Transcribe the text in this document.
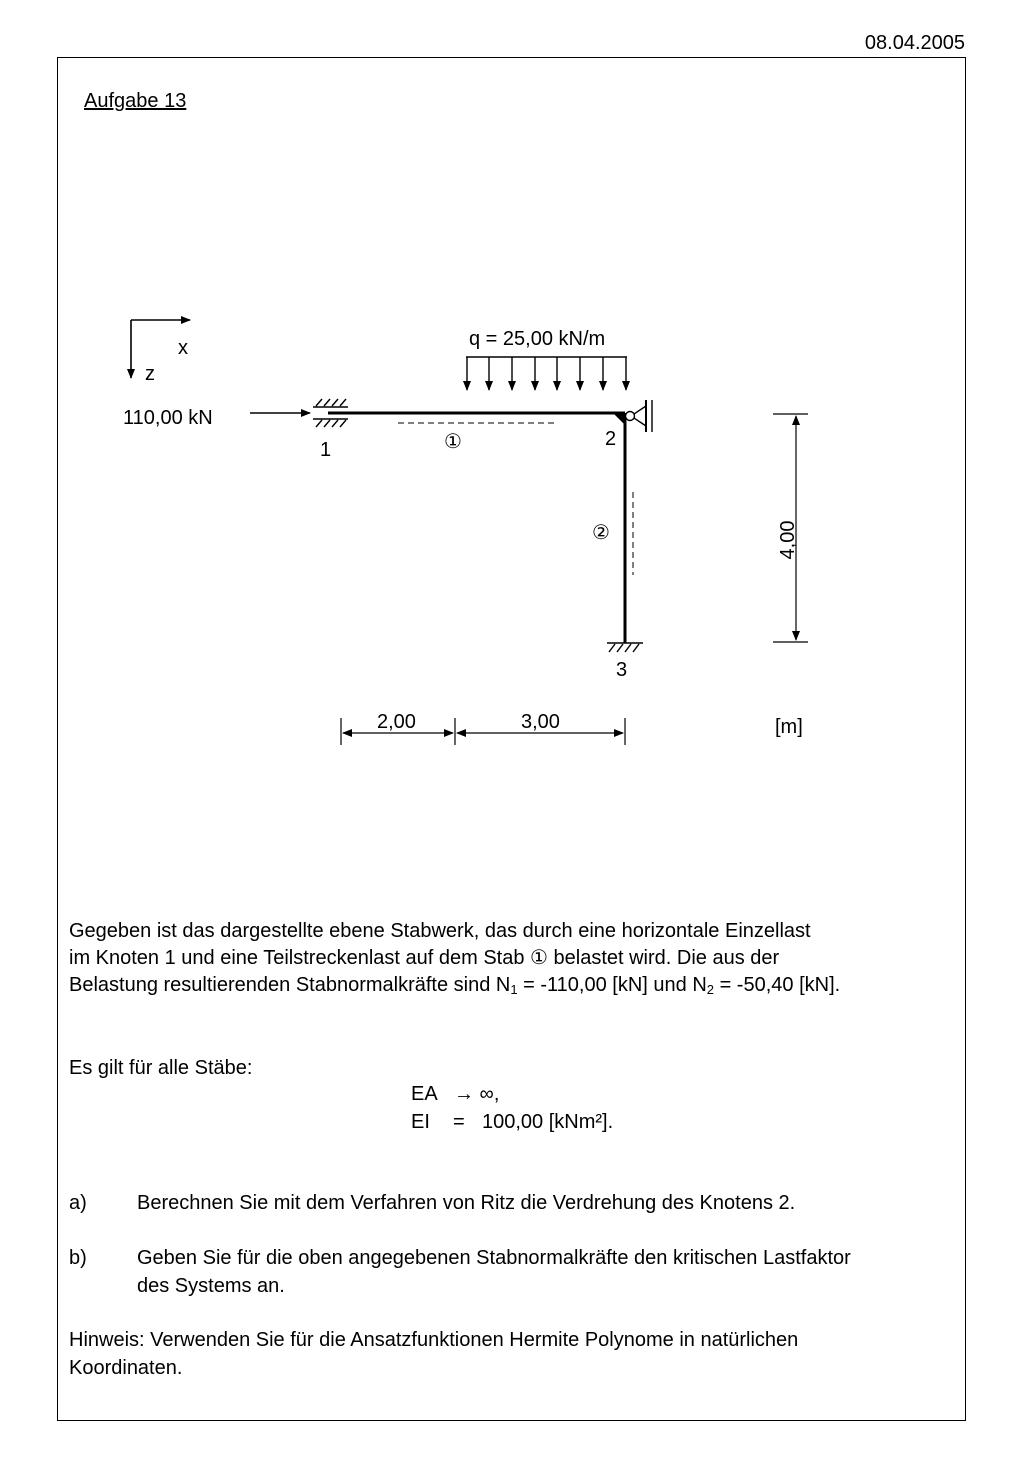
08.04.2005
Aufgabe 13
x
z
110,00 kN
q = 25,00 kN/m
1	2
3
①
②	4,00
2,00	3,00	[m]
Gegeben ist das dargestellte ebene Stabwerk, das durch eine horizontale Einzellast
im Knoten 1 und eine Teilstreckenlast auf dem Stab ① belastet wird. Die aus der
Belastung resultierenden Stabnormalkräfte sind $N_1 = -110,00$ [kN] und $N_2 = -50,40$ [kN].
Es gilt für alle Stäbe:
EA → ∞,
EI = 100,00 [kNm²].
a)	Berechnen Sie mit dem Verfahren von Ritz die Verdrehung des Knotens 2.
b)	Geben Sie für die oben angegebenen Stabnormalkräfte den kritischen Lastfaktor
des Systems an.
Hinweis: Verwenden Sie für die Ansatzfunktionen Hermite Polynome in natürlichen
Koordinaten.
